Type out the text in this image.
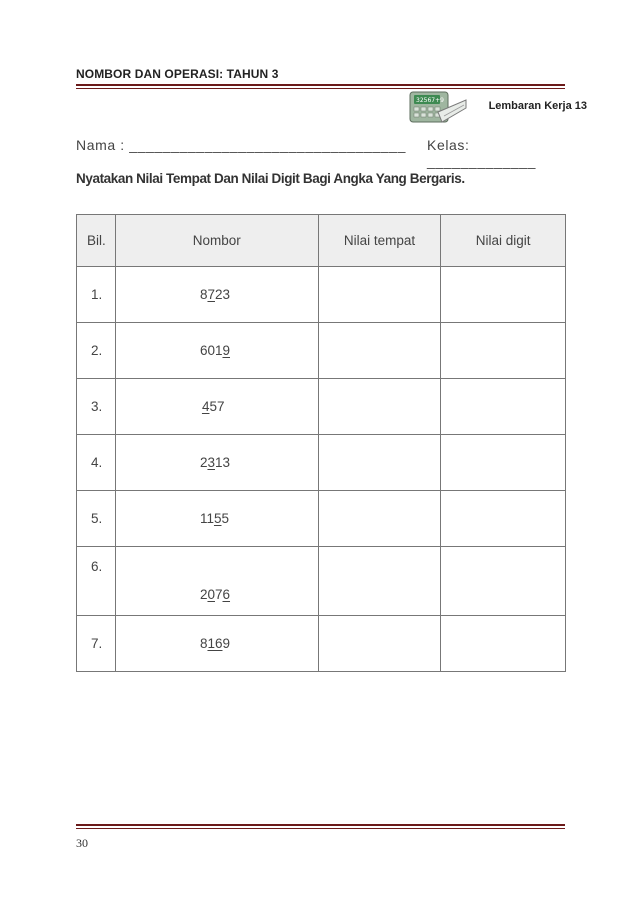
NOMBOR DAN OPERASI: TAHUN 3
32567+9	Lembaran Kerja 13
Nama : _________________________________ Kelas: _____________
Nyatakan Nilai Tempat Dan Nilai Digit Bagi Angka Yang Bergaris.
Bil.	Nombor	Nilai tempat	Nilai digit
1.	8723		
2.	6019		
3.	457		
4.	2313		
5.	1155		
6.	2076		
7.	8169		
30
